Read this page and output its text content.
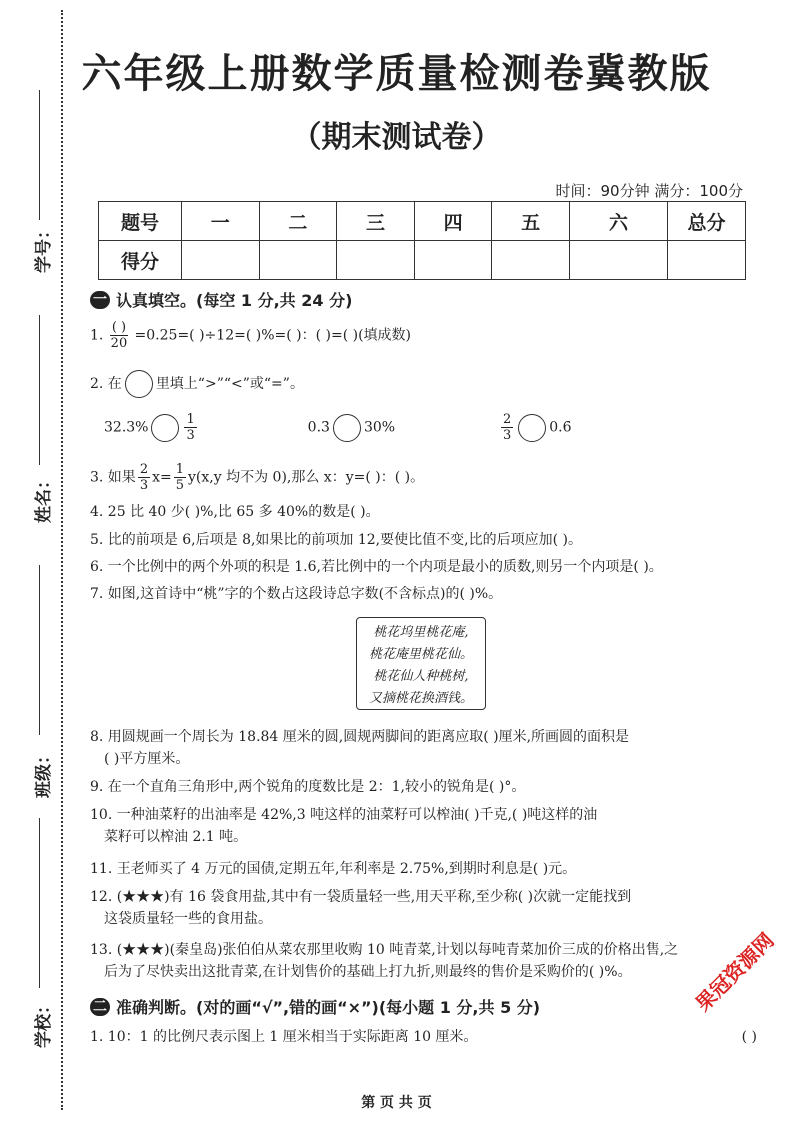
学号：
姓名：
班级：
学校：
六年级上册数学质量检测卷冀教版
（期末测试卷）
时间：90分钟 满分：100分
题号	一	二	三	四	五	六	总分
得分							
一 认真填空。(每空 1 分,共 24 分)
1. $\frac{( )}{20} =0.25=$( )÷12=( )%=( )：( )=( )(填成数)
2. 在 里填上“>”“<”或“=”。
32.3%	$\frac{1}{3}$	0.3̇ 30%	$\frac{2}{3}$	0.6̇
3. 如果 $\frac{2}{3} x= \frac{1}{5} y(x,y$ 均不为 0),那么 x：y=( )：( )。
4. 25 比 40 少( )%,比 65 多 40%的数是( )。
5. 比的前项是 6,后项是 8,如果比的前项加 12,要使比值不变,比的后项应加( )。
6. 一个比例中的两个外项的积是 1.6,若比例中的一个内项是最小的质数,则另一个内项是( )。
7. 如图,这首诗中“桃”字的个数占这段诗总字数(不含标点)的( )%。
桃花坞里桃花庵,
桃花庵里桃花仙。
桃花仙人种桃树,
又摘桃花换酒钱。
8. 用圆规画一个周长为 18.84 厘米的圆,圆规两脚间的距离应取( )厘米,所画圆的面积是
( )平方厘米。
9. 在一个直角三角形中,两个锐角的度数比是 2：1,较小的锐角是( )°。
10. 一种油菜籽的出油率是 42%,3 吨这样的油菜籽可以榨油( )千克,( )吨这样的油
菜籽可以榨油 2.1 吨。
11. 王老师买了 4 万元的国债,定期五年,年利率是 2.75%,到期时利息是( )元。
12. (★★★)有 16 袋食用盐,其中有一袋质量轻一些,用天平称,至少称( )次就一定能找到
这袋质量轻一些的食用盐。
13. (★★★)(秦皇岛)张伯伯从菜农那里收购 10 吨青菜,计划以每吨青菜加价三成的价格出售,之
后为了尽快卖出这批青菜,在计划售价的基础上打九折,则最终的售价是采购价的( )%。
二 准确判断。(对的画“√”,错的画“×”)(每小题 1 分,共 5 分)
1. 10：1 的比例尺表示图上 1 厘米相当于实际距离 10 厘米。	( )
果冠资源网
第 页 共 页
